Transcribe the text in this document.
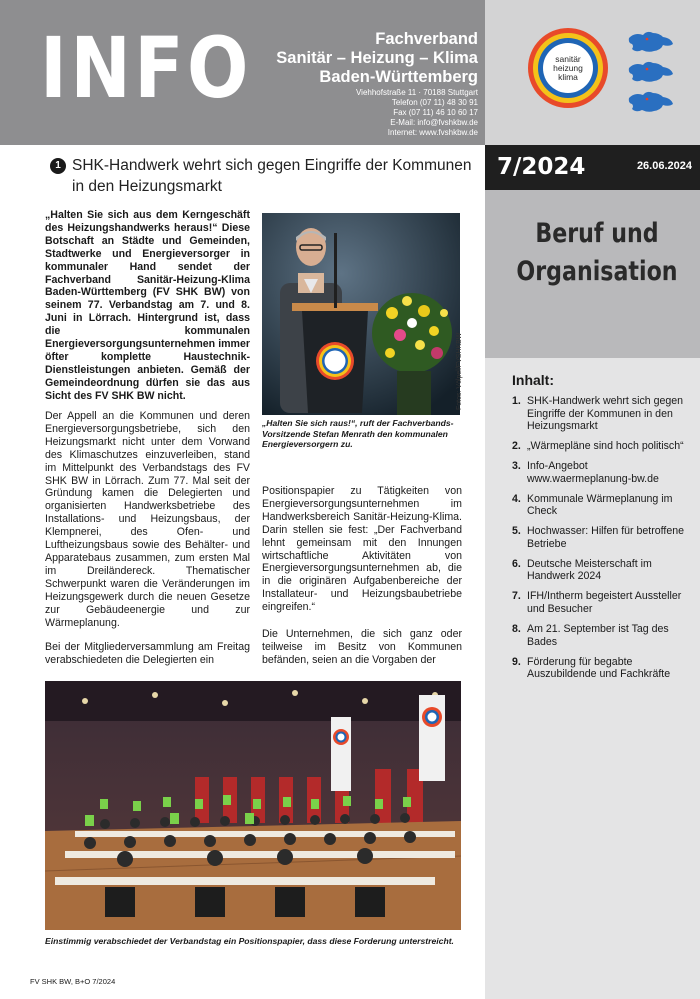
INFO	Fachverband
Sanitär – Heizung – Klima
Baden-Württemberg
Viehhofstraße 11 · 70188 Stuttgart
Telefon (07 11) 48 30 91
Fax (07 11) 46 10 60 17
E-Mail: info@fvshkbw.de
Internet: www.fvshkbw.de
sanitär
heizung
klima
7/2024	26.06.2024
Beruf und
Organisation
Inhalt:
1. SHK-Handwerk wehrt sich gegen Eingriffe der Kommunen in den Heizungsmarkt
2. „Wärmepläne sind hoch politisch“
3. Info-Angebot www.waermeplanung-bw.de
4. Kommunale Wärmeplanung im Check
5. Hochwasser: Hilfen für betroffene Betriebe
6. Deutsche Meisterschaft im Handwerk 2024
7. IFH/Intherm begeistert Aussteller und Besucher
8. Am 21. September ist Tag des Bades
9. Förderung für begabte Auszubildende und Fachkräfte
1 SHK-Handwerk wehrt sich gegen Eingriffe der Kommunen in den Heizungsmarkt
„Halten Sie sich aus dem Kerngeschäft des Heizungshandwerks heraus!“ Diese Botschaft an Städte und Gemeinden, Stadtwerke und Energieversorger in kommunaler Hand sendet der Fachverband Sanitär-Heizung-Klima Baden-Württemberg (FV SHK BW) von seinem 77. Verbandstag am 7. und 8. Juni in Lörrach. Hintergrund ist, dass die kommunalen Energieversorgungsunternehmen immer öfter komplette Haustechnik-Dienstleistungen anbieten. Gemäß der Gemeindeordnung dürfen sie das aus Sicht des FV SHK BW nicht.
Der Appell an die Kommunen und deren Energieversorgungsbetriebe, sich den Heizungsmarkt nicht unter dem Vorwand des Klimaschutzes einzuverleiben, stand im Mittelpunkt des Verbandstags des FV SHK BW in Lörrach. Zum 77. Mal seit der Gründung kamen die Delegierten und organisierten Handwerksbetriebe des Installations- und Heizungsbaus, der Klempnerei, des Ofen- und Luftheizungsbaus sowie des Behälter- und Apparatebaus zusammen, zum ersten Mal im Dreiländereck. Thematischer Schwerpunkt waren die Veränderungen im Heizungsgewerk durch die neuen Gesetze zur Gebäudeenergie und zur Wärmeplanung.
Bei der Mitgliederversammlung am Freitag verabschiedeten die Delegierten ein
Positionspapier zu Tätigkeiten von Energieversorgungsunternehmen im Handwerksbereich Sanitär-Heizung-Klima. Darin stellen sie fest: „Der Fachverband lehnt gemeinsam mit den Innungen wirtschaftliche Aktivitäten von Energieversorgungsunternehmen ab, die in die originären Aufgabenbereiche der Installateur- und Heizungsbaubetriebe eingreifen.“
Die Unternehmen, die sich ganz oder teilweise im Besitz von Kommunen befänden, seien an die Vorgaben der
Fotos: Völpel/FVSHKBW
„Halten Sie sich raus!“, ruft der Fachverbands-Vorsitzende Stefan Menrath den kommunalen Energieversorgern zu.
Einstimmig verabschiedet der Verbandstag ein Positionspapier, dass diese Forderung unterstreicht.
FV SHK BW, B+O 7/2024
